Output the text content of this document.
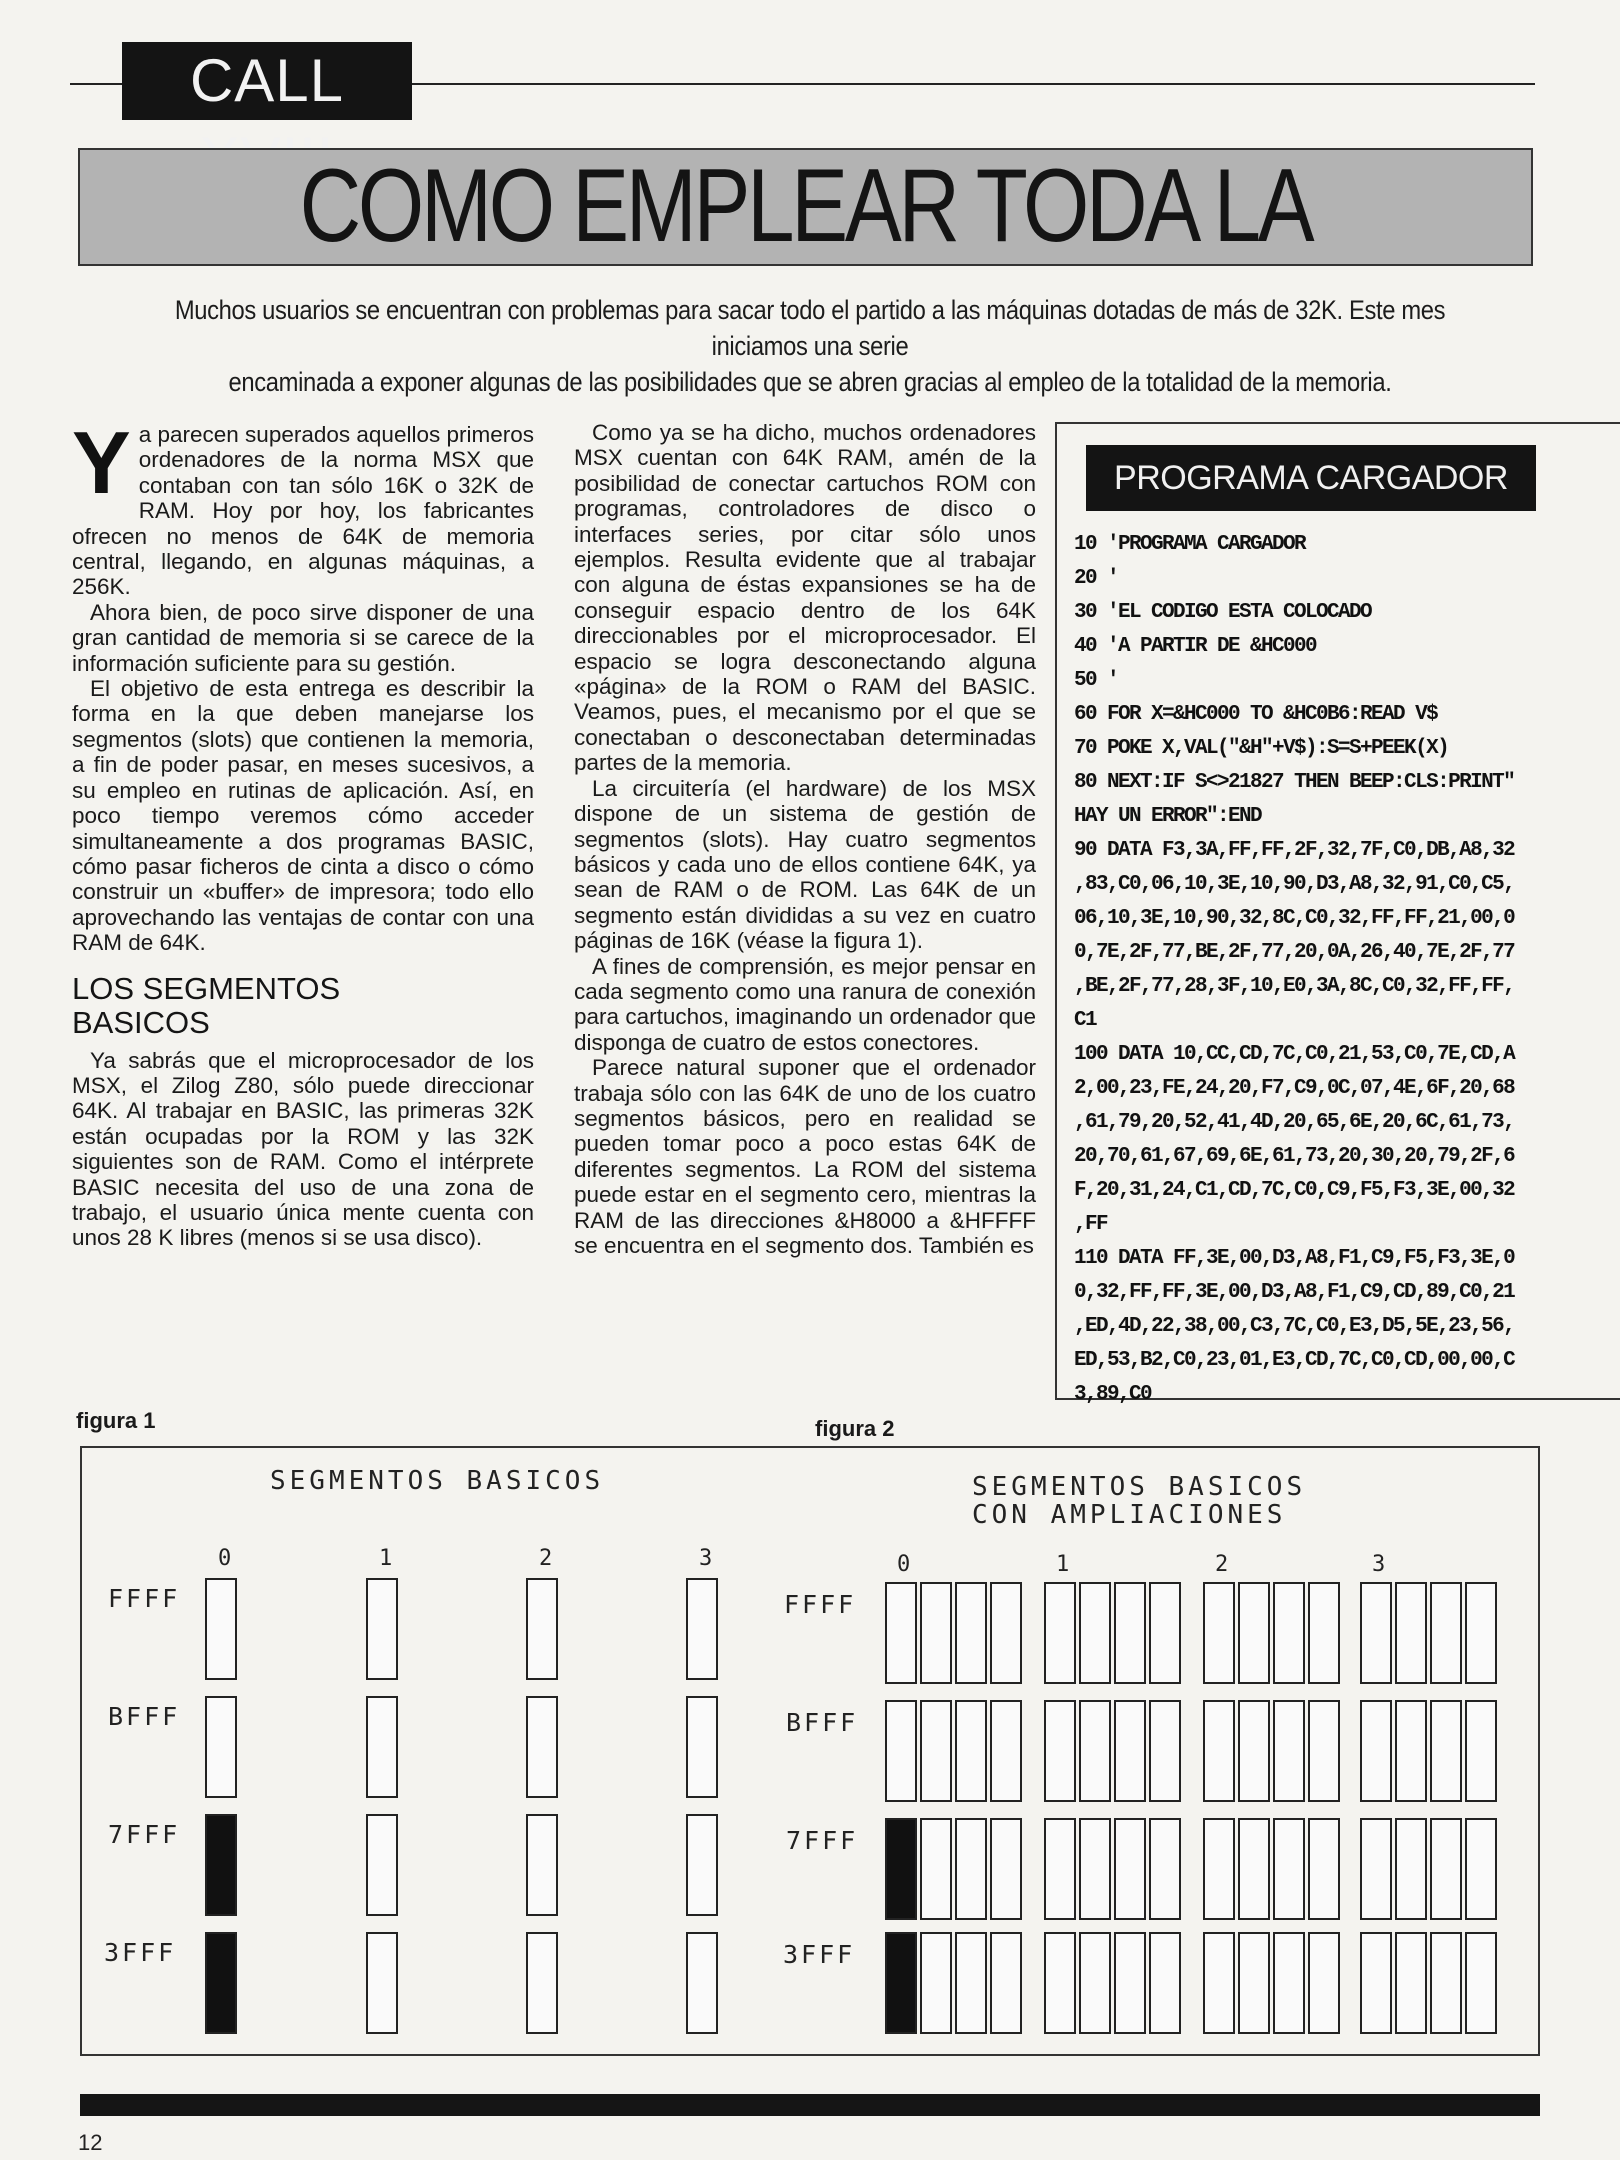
CALL
COMO EMPLEAR TODA LA
Muchos usuarios se encuentran con problemas para sacar todo el partido a las máquinas dotadas de más de 32K. Este mes iniciamos una serie
encaminada a exponer algunas de las posibilidades que se abren gracias al empleo de la totalidad de la memoria.

Ya parecen superados aquellos primeros ordenadores de la norma MSX que contaban con tan sólo 16K o 32K de RAM. Hoy por hoy, los fabricantes ofrecen no menos de 64K de memoria central, llegando, en algunas máquinas, a 256K.

Ahora bien, de poco sirve disponer de una gran cantidad de memoria si se carece de la información suficiente para su gestión.

El objetivo de esta entrega es describir la forma en la que deben manejarse los segmentos (slots) que contienen la memoria, a fin de poder pasar, en meses sucesivos, a su empleo en rutinas de aplicación. Así, en poco tiempo veremos cómo acceder simultaneamente a dos programas BASIC, cómo pasar ficheros de cinta a disco o cómo construir un «buffer» de impresora; todo ello aprovechando las ventajas de contar con una RAM de 64K.

LOS SEGMENTOS
BASICOS

Ya sabrás que el microprocesador de los MSX, el Zilog Z80, sólo puede direccionar 64K. Al trabajar en BASIC, las primeras 32K están ocupadas por la ROM y las 32K siguientes son de RAM. Como el intérprete BASIC necesita del uso de una zona de trabajo, el usuario única mente cuenta con unos 28 K libres (menos si se usa disco).

Como ya se ha dicho, muchos ordenadores MSX cuentan con 64K RAM, amén de la posibilidad de conectar cartuchos ROM con programas, controladores de disco o interfaces series, por citar sólo unos ejemplos. Resulta evidente que al trabajar con alguna de éstas expansiones se ha de conseguir espacio dentro de los 64K direccionables por el microprocesador. El espacio se logra desconectando alguna «página» de la ROM o RAM del BASIC. Veamos, pues, el mecanismo por el que se conectaban o desconectaban determinadas partes de la memoria.

La circuitería (el hardware) de los MSX dispone de un sistema de gestión de segmentos (slots). Hay cuatro segmentos básicos y cada uno de ellos contiene 64K, ya sean de RAM o de ROM. Las 64K de un segmento están divididas a su vez en cuatro páginas de 16K (véase la figura 1).

A fines de comprensión, es mejor pensar en cada segmento como una ranura de conexión para cartuchos, imaginando un ordenador que disponga de cuatro de estos conectores.

Parece natural suponer que el ordenador trabaja sólo con las 64K de uno de los cuatro segmentos básicos, pero en realidad se pueden tomar poco a poco estas 64K de diferentes segmentos. La ROM del sistema puede estar en el segmento cero, mientras la RAM de las direcciones &H8000 a &HFFFF se encuentra en el segmento dos. También es

PROGRAMA CARGADOR
10 'PROGRAMA CARGADOR
20 '
30 'EL CODIGO ESTA COLOCADO
40 'A PARTIR DE &HC000
50 '
60 FOR X=&HC000 TO &HC0B6:READ V$
70 POKE X,VAL("&H"+V$):S=S+PEEK(X)
80 NEXT:IF S<>21827 THEN BEEP:CLS:PRINT"
HAY UN ERROR":END
90 DATA F3,3A,FF,FF,2F,32,7F,C0,DB,A8,32
,83,C0,06,10,3E,10,90,D3,A8,32,91,C0,C5,
06,10,3E,10,90,32,8C,C0,32,FF,FF,21,00,0
0,7E,2F,77,BE,2F,77,20,0A,26,40,7E,2F,77
,BE,2F,77,28,3F,10,E0,3A,8C,C0,32,FF,FF,
C1
100 DATA 10,CC,CD,7C,C0,21,53,C0,7E,CD,A
2,00,23,FE,24,20,F7,C9,0C,07,4E,6F,20,68
,61,79,20,52,41,4D,20,65,6E,20,6C,61,73,
20,70,61,67,69,6E,61,73,20,30,20,79,2F,6
F,20,31,24,C1,CD,7C,C0,C9,F5,F3,3E,00,32
,FF
110 DATA FF,3E,00,D3,A8,F1,C9,F5,F3,3E,0
0,32,FF,FF,3E,00,D3,A8,F1,C9,CD,89,C0,21
,ED,4D,22,38,00,C3,7C,C0,E3,D5,5E,23,56,
ED,53,B2,C0,23,01,E3,CD,7C,C0,CD,00,00,C
3,89,C0
figura 1	figura 2
SEGMENTOS BASICOS	SEGMENTOS BASICOS
CON AMPLIACIONES
FFFF
BFFF
7FFF
3FFF
0	1	2	3
FFFF
BFFF
7FFF
3FFF
0	1	2	3
12
